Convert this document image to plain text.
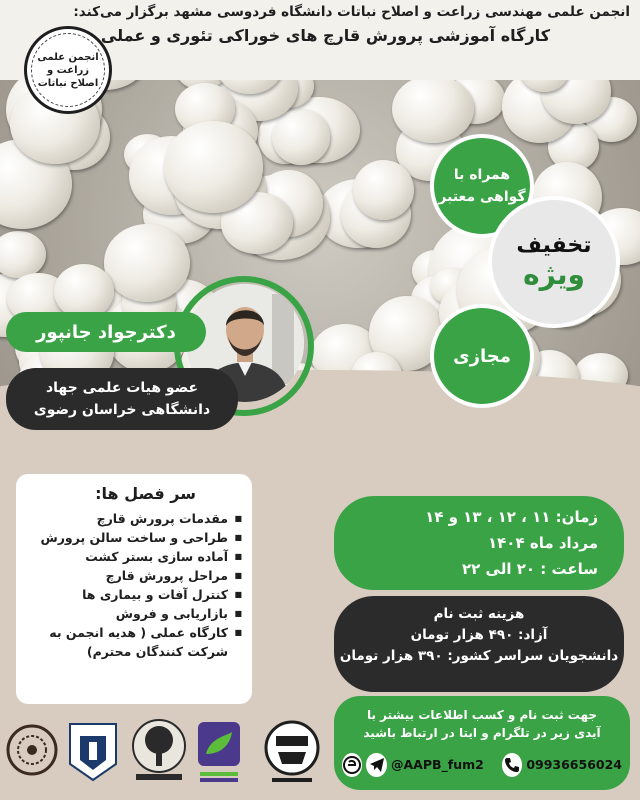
انجمن علمی مهندسی زراعت و اصلاح نباتات دانشگاه فردوسی مشهد برگزار می‌کند:
کارگاه آموزشی پرورش قارچ های خوراکی تئوری و عملی
انجمن علمی
زراعت و
اصلاح نباتات
همراه با
گواهی معتبر
تخفیف
ویژه
مجازی
دکترجواد جانپور
عضو هیات علمی جهاد
دانشگاهی خراسان رضوی
سر فصل ها:
■ مقدمات پرورش قارچ
■ طراحی و ساخت سالن پرورش
■ آماده سازی بستر کشت
■ مراحل پرورش قارچ
■ کنترل آفات و بیماری ها
■ بازاریابی و فروش
■ کارگاه عملی ( هدیه انجمن به شرکت کنندگان محترم)
زمان: ۱۱ ، ۱۲ ، ۱۳ و ۱۴
مرداد ماه ۱۴۰۴
ساعت : ۲۰ الی ۲۲
هزینه ثبت نام
آزاد: ۴۹۰ هزار تومان
دانشجویان سراسر کشور: ۳۹۰ هزار تومان
جهت ثبت نام و کسب اطلاعات بیشتر با
آیدی زیر در تلگرام و ایتا در ارتباط باشید
@AAPB_fum2	09936656024
